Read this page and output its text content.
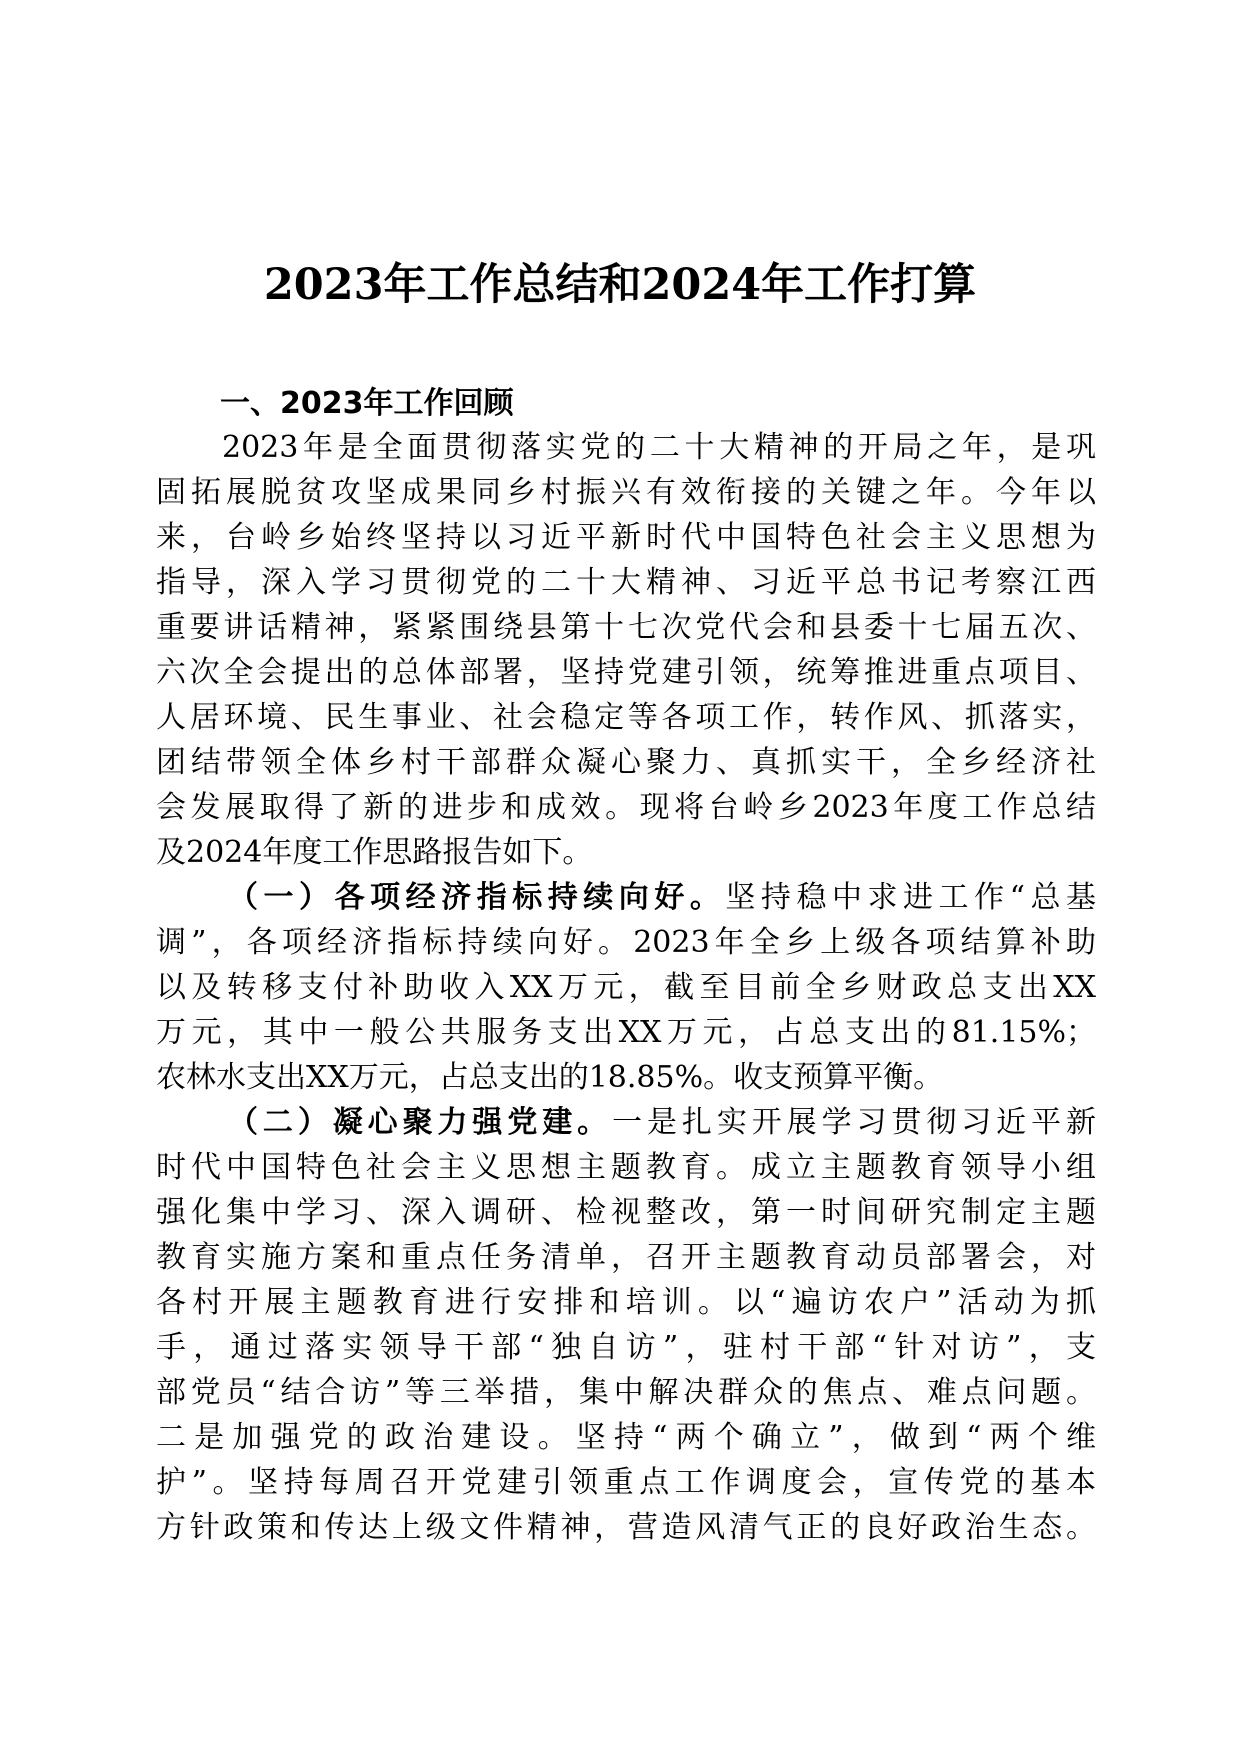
2023年工作总结和2024年工作打算
一、2023年工作回顾
2023年是全面贯彻落实党的二十大精神的开局之年，是巩
固拓展脱贫攻坚成果同乡村振兴有效衔接的关键之年。今年以
来，台岭乡始终坚持以习近平新时代中国特色社会主义思想为
指导，深入学习贯彻党的二十大精神、习近平总书记考察江西
重要讲话精神，紧紧围绕县第十七次党代会和县委十七届五次、
六次全会提出的总体部署，坚持党建引领，统筹推进重点项目、
人居环境、民生事业、社会稳定等各项工作，转作风、抓落实，
团结带领全体乡村干部群众凝心聚力、真抓实干，全乡经济社
会发展取得了新的进步和成效。现将台岭乡2023年度工作总结
及2024年度工作思路报告如下。
（一）各项经济指标持续向好。坚持稳中求进工作“总基
调”，各项经济指标持续向好。2023年全乡上级各项结算补助
以及转移支付补助收入XX万元，截至目前全乡财政总支出XX
万元，其中一般公共服务支出XX万元，占总支出的81.15%；
农林水支出XX万元，占总支出的18.85%。收支预算平衡。
（二）凝心聚力强党建。一是扎实开展学习贯彻习近平新
时代中国特色社会主义思想主题教育。成立主题教育领导小组
强化集中学习、深入调研、检视整改，第一时间研究制定主题
教育实施方案和重点任务清单，召开主题教育动员部署会，对
各村开展主题教育进行安排和培训。以“遍访农户”活动为抓
手，通过落实领导干部“独自访”，驻村干部“针对访”，支
部党员“结合访”等三举措，集中解决群众的焦点、难点问题。
二是加强党的政治建设。坚持“两个确立”，做到“两个维
护”。坚持每周召开党建引领重点工作调度会，宣传党的基本
方针政策和传达上级文件精神，营造风清气正的良好政治生态。
